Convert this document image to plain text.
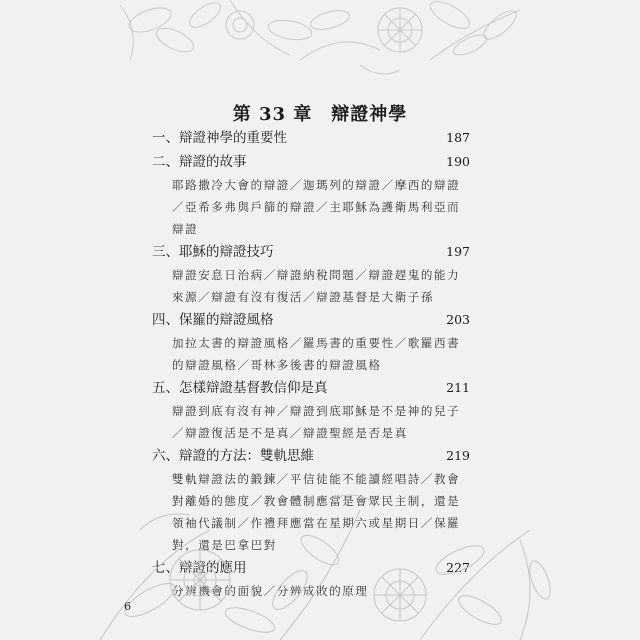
第 33 章　辯證神學
一、辯證神學的重要性	187
二、辯證的故事	190
耶路撒冷大會的辯證／迦瑪列的辯證／摩西的辯證／亞希多弗與戶篩的辯證／主耶穌為護衛馬利亞而辯證
三、耶穌的辯證技巧	197
辯證安息日治病／辯證納稅問題／辯證趕鬼的能力來源／辯證有沒有復活／辯證基督是大衛子孫
四、保羅的辯證風格	203
加拉太書的辯證風格／羅馬書的重要性／歌羅西書的辯證風格／哥林多後書的辯證風格
五、怎樣辯證基督教信仰是真	211
辯證到底有沒有神／辯證到底耶穌是不是神的兒子／辯證復活是不是真／辯證聖經是否是真
六、辯證的方法：雙軌思維	219
雙軌辯證法的鍛鍊／平信徒能不能讀經唱詩／教會對離婚的態度／教會體制應當是會眾民主制，還是領袖代議制／作禮拜應當在星期六或星期日／保羅對，還是巴拿巴對
七、辯證的應用	227
分辨機會的面貌／分辨成敗的原理
6
